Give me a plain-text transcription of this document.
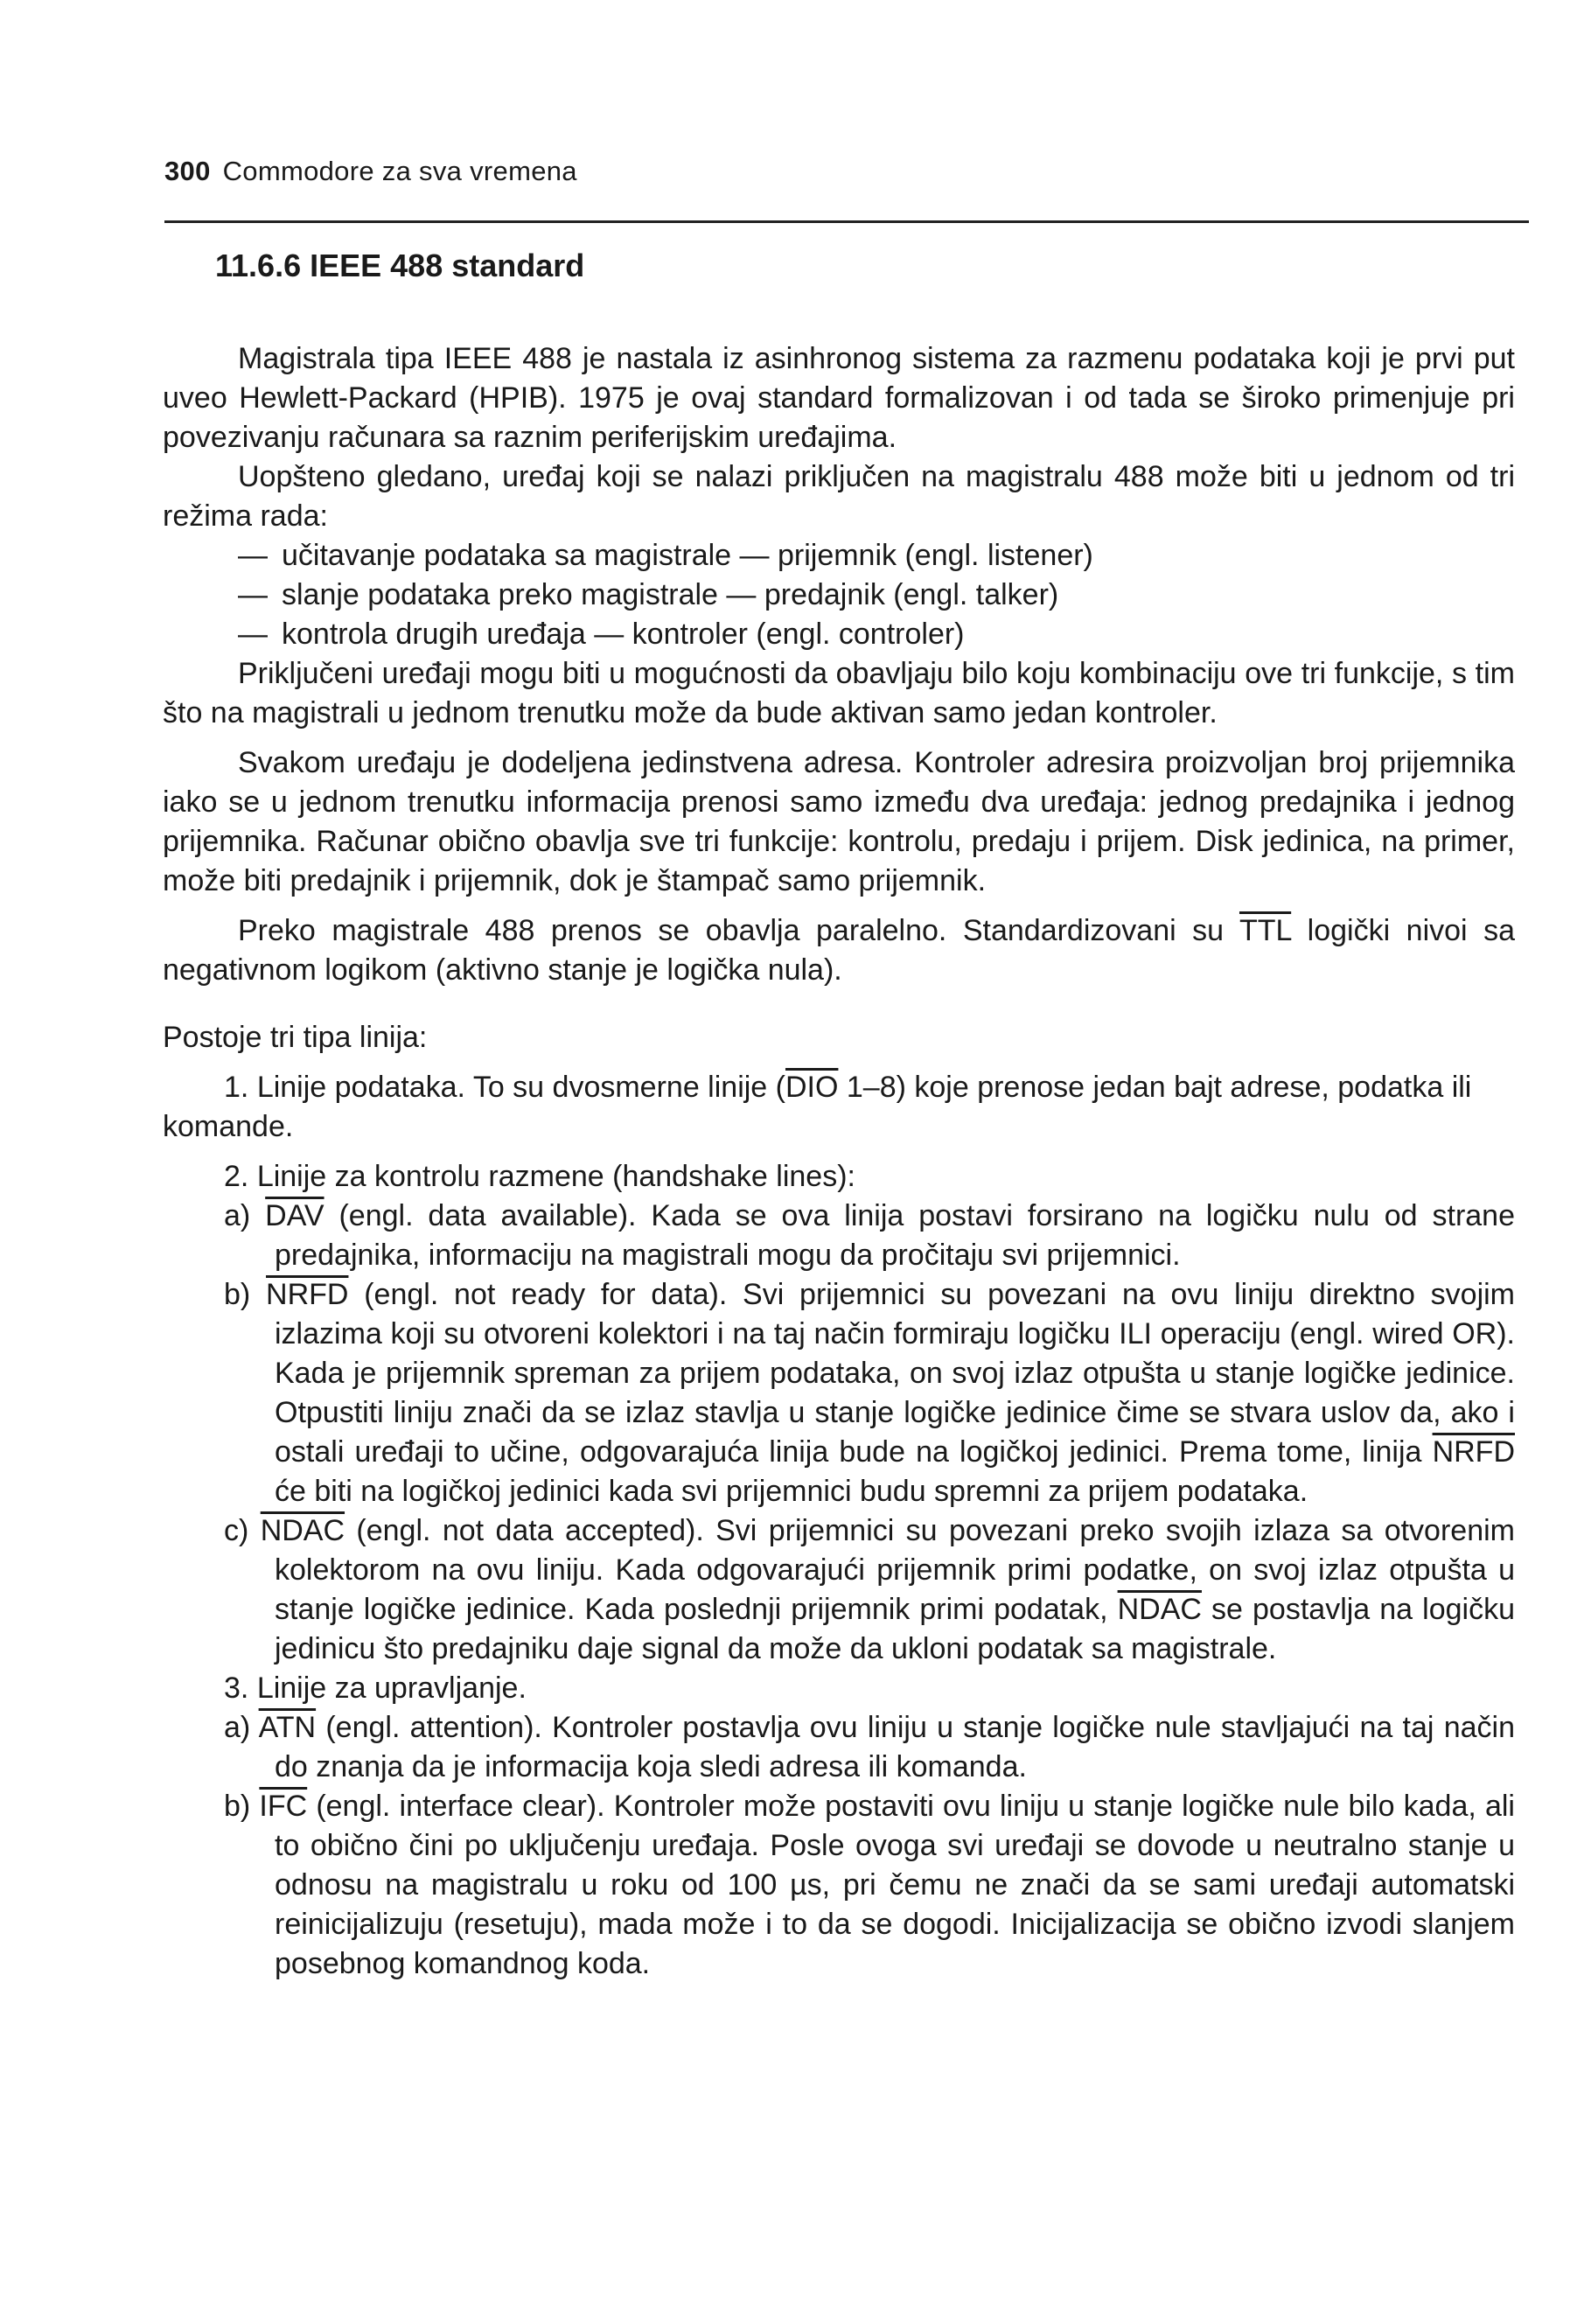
300 Commodore za sva vremena
11.6.6 IEEE 488 standard

Magistrala tipa IEEE 488 je nastala iz asinhronog sistema za razmenu podataka koji je prvi put uveo Hewlett-Packard (HPIB). 1975 je ovaj standard formalizovan i od tada se široko primenjuje pri povezivanju računara sa raznim periferijskim uređajima.

Uopšteno gledano, uređaj koji se nalazi priključen na magistralu 488 može biti u jednom od tri režima rada:

— učitavanje podataka sa magistrale — prijemnik (engl. listener)

— slanje podataka preko magistrale — predajnik (engl. talker)

— kontrola drugih uređaja — kontroler (engl. controler)

Priključeni uređaji mogu biti u mogućnosti da obavljaju bilo koju kombinaciju ove tri funkcije, s tim što na magistrali u jednom trenutku može da bude aktivan samo jedan kontroler.

Svakom uređaju je dodeljena jedinstvena adresa. Kontroler adresira proizvoljan broj prijemnika iako se u jednom trenutku informacija prenosi samo između dva uređaja: jednog predajnika i jednog prijemnika. Računar obično obavlja sve tri funkcije: kontrolu, predaju i prijem. Disk jedinica, na primer, može biti predajnik i prijemnik, dok je štampač samo prijemnik.

Preko magistrale 488 prenos se obavlja paralelno. Standardizovani su $\overline{TTL}$ logički nivoi sa negativnom logikom (aktivno stanje je logička nula).

Postoje tri tipa linija:

1. Linije podataka. To su dvosmerne linije ($\overline{DIO}$ 1–8) koje prenose jedan bajt adrese, podatka ili komande.

2. Linije za kontrolu razmene (handshake lines):

a) $\overline{DAV}$ (engl. data available). Kada se ova linija postavi forsirano na logičku nulu od strane predajnika, informaciju na magistrali mogu da pročitaju svi prijemnici.

b) NRFD (engl. not ready for data). Svi prijemnici su povezani na ovu liniju direktno svojim izlazima koji su otvoreni kolektori i na taj način formiraju logičku ILI operaciju (engl. wired OR). Kada je prijemnik spreman za prijem podataka, on svoj izlaz otpušta u stanje logičke jedinice. Otpustiti liniju znači da se izlaz stavlja u stanje logičke jedinice čime se stvara uslov da, ako i ostali uređaji to učine, odgovarajuća linija bude na logičkoj jedinici. Prema tome, linija NRFD će biti na logičkoj jedinici kada svi prijemnici budu spremni za prijem podataka.

c) NDAC (engl. not data accepted). Svi prijemnici su povezani preko svojih izlaza sa otvorenim kolektorom na ovu liniju. Kada odgovarajući prijemnik primi podatke, on svoj izlaz otpušta u stanje logičke jedinice. Kada poslednji prijemnik primi podatak, NDAC se postavlja na logičku jedinicu što predajniku daje signal da može da ukloni podatak sa magistrale.

3. Linije za upravljanje.

a) $\overline{ATN}$ (engl. attention). Kontroler postavlja ovu liniju u stanje logičke nule stavljajući na taj način do znanja da je informacija koja sledi adresa ili komanda.

b) $\overline{IFC}$ (engl. interface clear). Kontroler može postaviti ovu liniju u stanje logičke nule bilo kada, ali to obično čini po uključenju uređaja. Posle ovoga svi uređaji se dovode u neutralno stanje u odnosu na magistralu u roku od 100 µs, pri čemu ne znači da se sami uređaji automatski reinicijalizuju (resetuju), mada može i to da se dogodi. Inicijalizacija se obično izvodi slanjem posebnog komandnog koda.
